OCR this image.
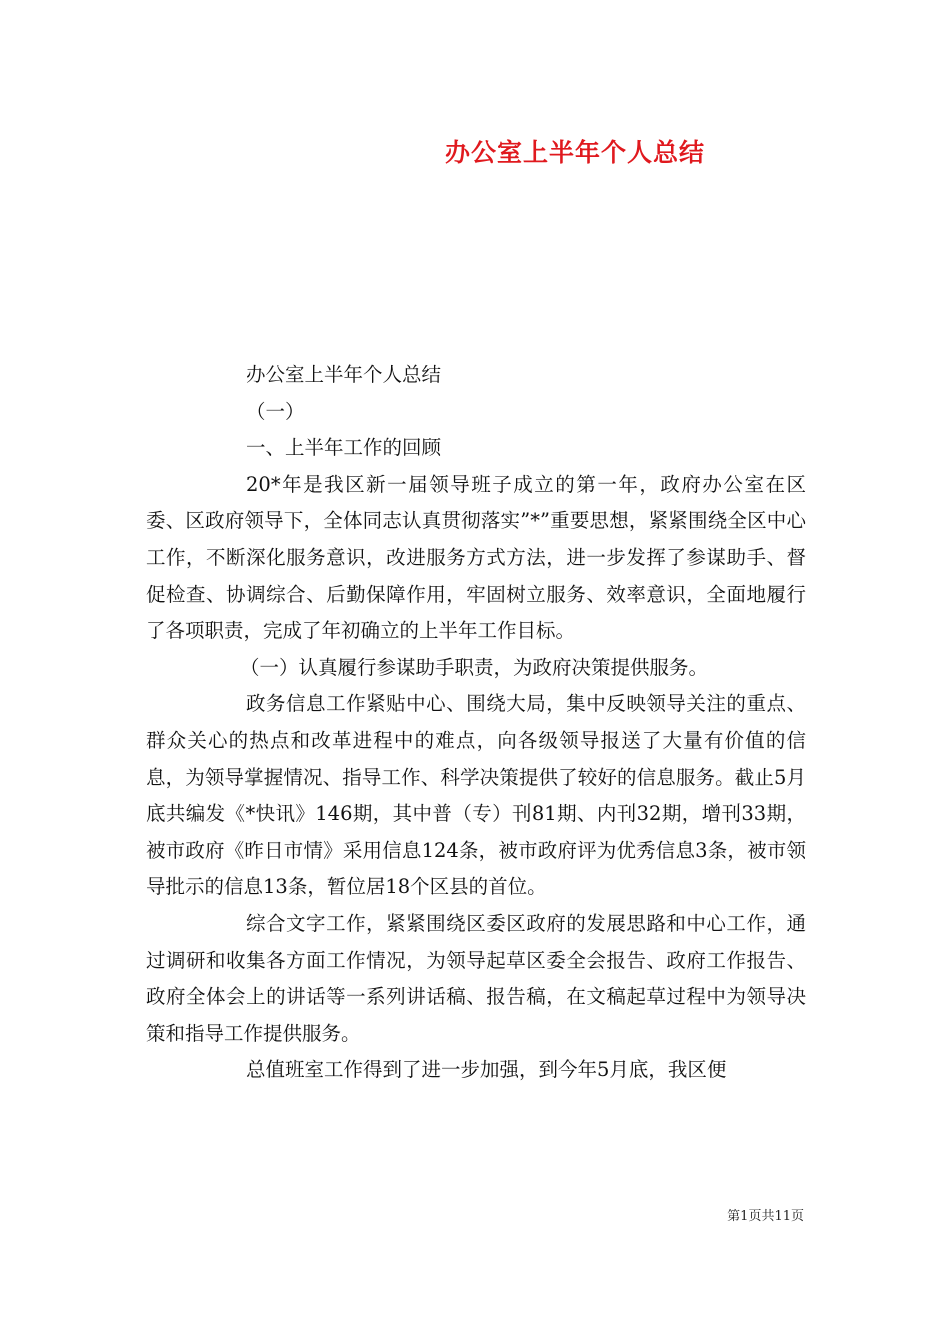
办公室上半年个人总结

办公室上半年个人总结

（一）

一、上半年工作的回顾

20*年是我区新一届领导班子成立的第一年，政府办公室在区委、区政府领导下，全体同志认真贯彻落实”*”重要思想，紧紧围绕全区中心工作，不断深化服务意识，改进服务方式方法，进一步发挥了参谋助手、督促检查、协调综合、后勤保障作用，牢固树立服务、效率意识，全面地履行了各项职责，完成了年初确立的上半年工作目标。

（一）认真履行参谋助手职责，为政府决策提供服务。

政务信息工作紧贴中心、围绕大局，集中反映领导关注的重点、群众关心的热点和改革进程中的难点，向各级领导报送了大量有价值的信息，为领导掌握情况、指导工作、科学决策提供了较好的信息服务。截止5月底共编发《*快讯》146期，其中普（专）刊81期、内刊32期，增刊33期，被市政府《昨日市情》采用信息124条，被市政府评为优秀信息3条，被市领导批示的信息13条，暂位居18个区县的首位。

综合文字工作，紧紧围绕区委区政府的发展思路和中心工作，通过调研和收集各方面工作情况，为领导起草区委全会报告、政府工作报告、政府全体会上的讲话等一系列讲话稿、报告稿，在文稿起草过程中为领导决策和指导工作提供服务。

总值班室工作得到了进一步加强，到今年5月底，我区便

第1页共11页
